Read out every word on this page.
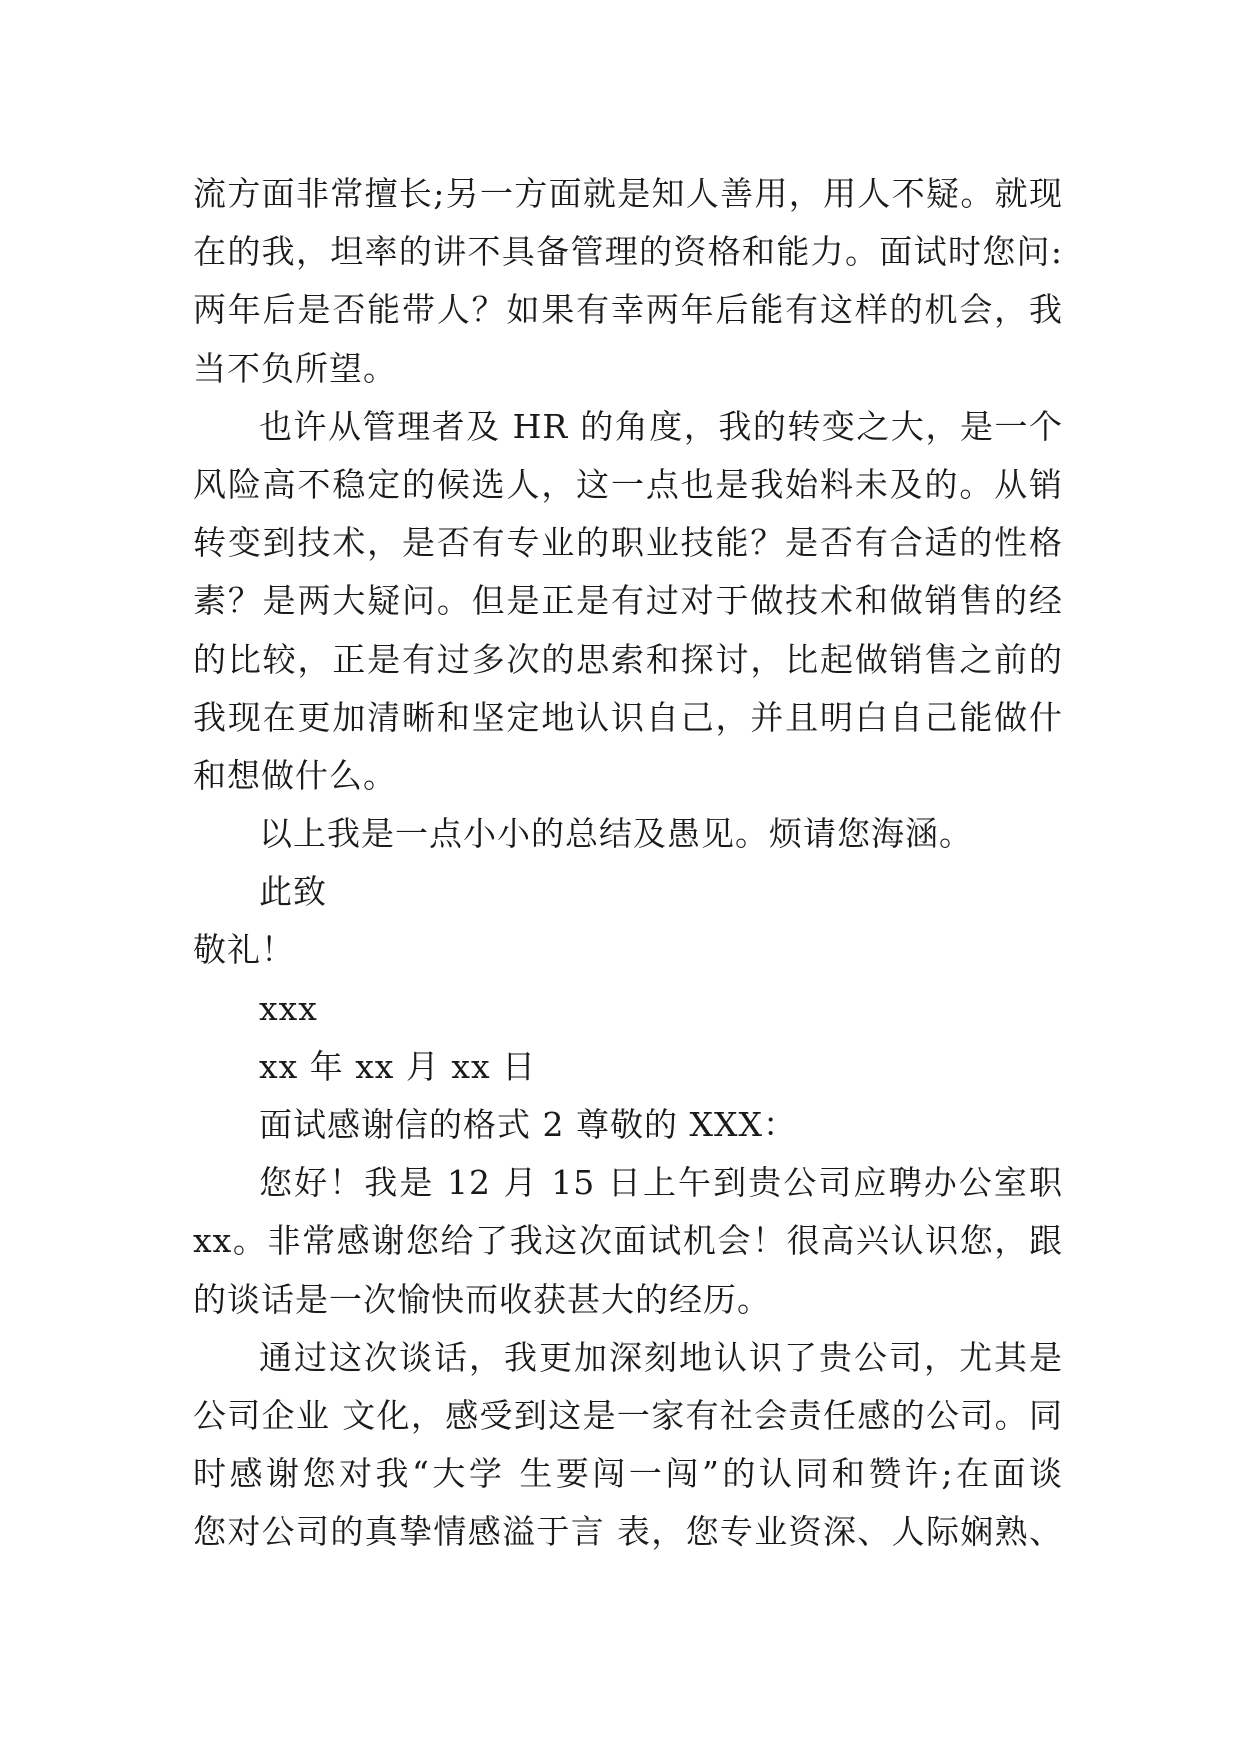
流方面非常擅长;另一方面就是知人善用，用人不疑。就现
在的我，坦率的讲不具备管理的资格和能力。面试时您问:
两年后是否能带人？如果有幸两年后能有这样的机会，我
当不负所望。
也许从管理者及 HR 的角度，我的转变之大，是一个
风险高不稳定的候选人，这一点也是我始料未及的。从销
转变到技术，是否有专业的职业技能？是否有合适的性格
素？是两大疑问。但是正是有过对于做技术和做销售的经
的比较，正是有过多次的思索和探讨，比起做销售之前的
我现在更加清晰和坚定地认识自己，并且明白自己能做什
和想做什么。
以上我是一点小小的总结及愚见。烦请您海涵。
此致
敬礼！
xxx
xx 年 xx 月 xx 日
面试感谢信的格式 2 尊敬的 XXX：
您好！我是 12 月 15 日上午到贵公司应聘办公室职
xx。非常感谢您给了我这次面试机会！很高兴认识您，跟
的谈话是一次愉快而收获甚大的经历。
通过这次谈话，我更加深刻地认识了贵公司，尤其是
公司企业 文化，感受到这是一家有社会责任感的公司。同
时感谢您对我“大学 生要闯一闯”的认同和赞许;在面谈
您对公司的真挚情感溢于言 表，您专业资深、人际娴熟、
